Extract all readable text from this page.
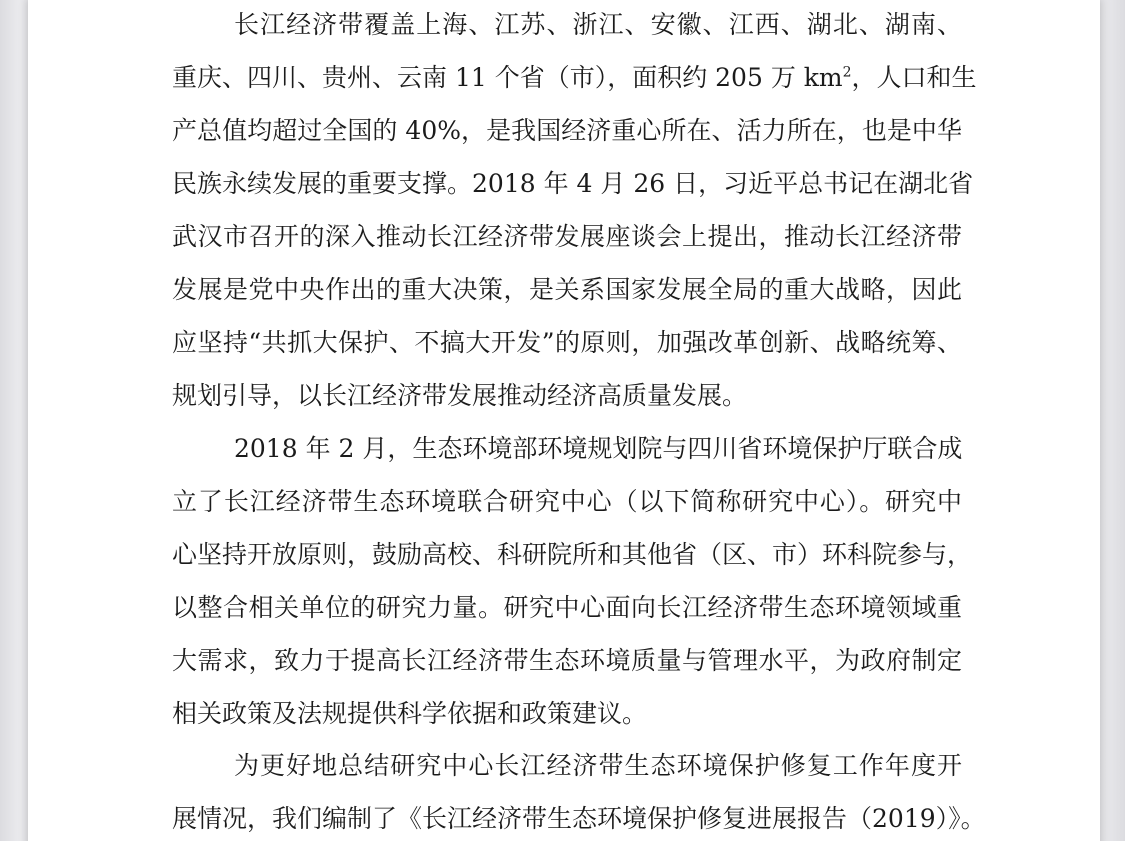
长江经济带覆盖上海、江苏、浙江、安徽、江西、湖北、湖南、
重庆、四川、贵州、云南 11 个省（市），面积约 205 万 $km^2$，人口和生
产总值均超过全国的 40%，是我国经济重心所在、活力所在，也是中华
民族永续发展的重要支撑。2018 年 4 月 26 日，习近平总书记在湖北省
武汉市召开的深入推动长江经济带发展座谈会上提出，推动长江经济带
发展是党中央作出的重大决策，是关系国家发展全局的重大战略，因此
应坚持“共抓大保护、不搞大开发”的原则，加强改革创新、战略统筹、
规划引导，以长江经济带发展推动经济高质量发展。
2018 年 2 月，生态环境部环境规划院与四川省环境保护厅联合成
立了长江经济带生态环境联合研究中心（以下简称研究中心）。研究中
心坚持开放原则，鼓励高校、科研院所和其他省（区、市）环科院参与，
以整合相关单位的研究力量。研究中心面向长江经济带生态环境领域重
大需求，致力于提高长江经济带生态环境质量与管理水平，为政府制定
相关政策及法规提供科学依据和政策建议。
为更好地总结研究中心长江经济带生态环境保护修复工作年度开
展情况，我们编制了《长江经济带生态环境保护修复进展报告（2019）》。
